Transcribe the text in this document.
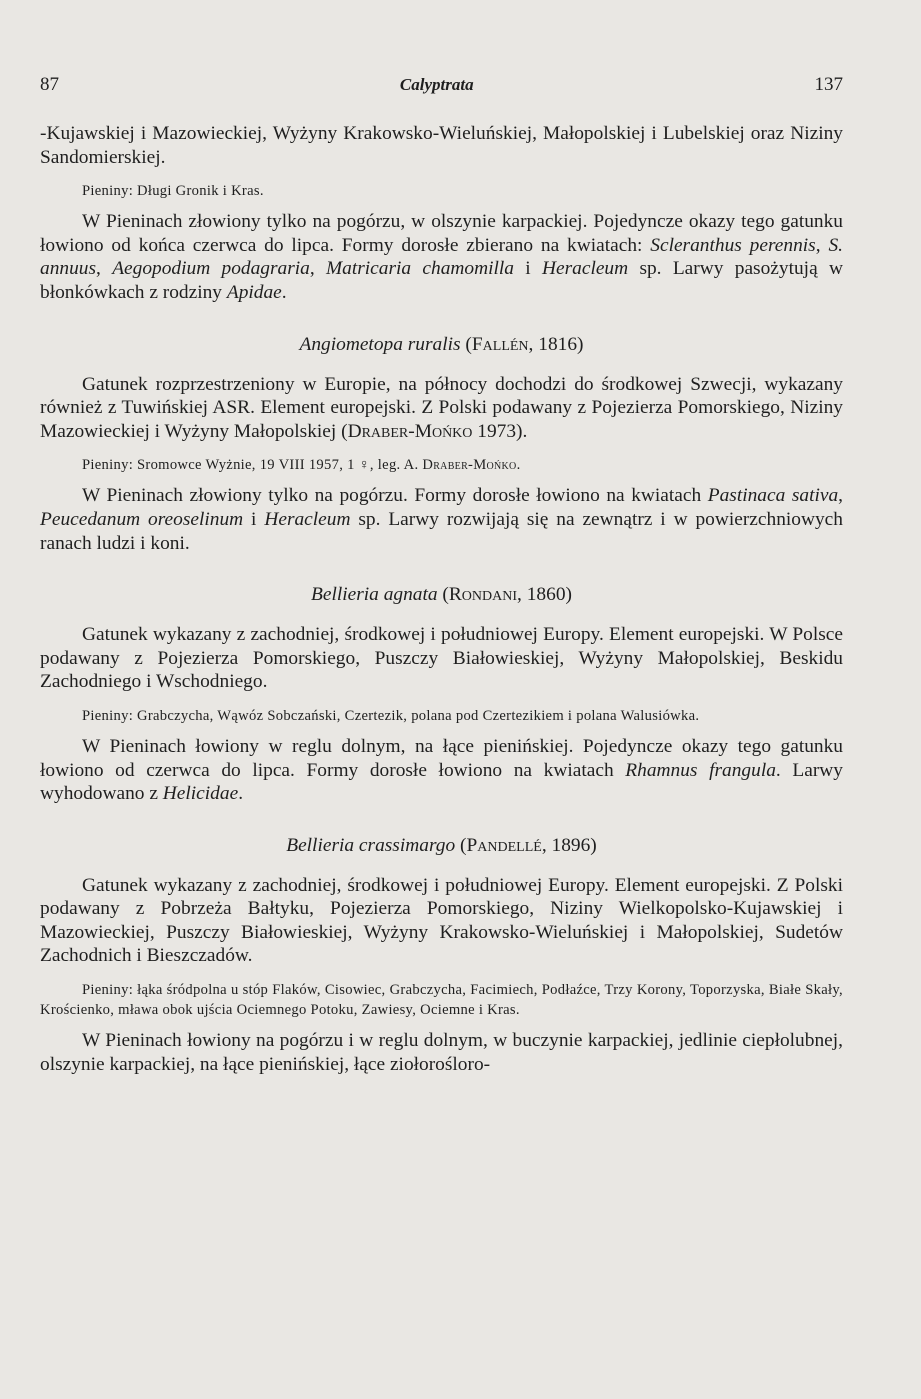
87	Calyptrata	137

-Kujawskiej i Mazowieckiej, Wyżyny Krakowsko-Wieluńskiej, Małopolskiej i Lubelskiej oraz Niziny Sandomierskiej.

Pieniny: Długi Gronik i Kras.

W Pieninach złowiony tylko na pogórzu, w olszynie karpackiej. Pojedyncze okazy tego gatunku łowiono od końca czerwca do lipca. Formy dorosłe zbierano na kwiatach: Scleranthus perennis, S. annuus, Aegopodium podagraria, Matricaria chamomilla i Heracleum sp. Larwy pasożytują w błonkówkach z rodziny Apidae.

Angiometopa ruralis (Fallén, 1816)

Gatunek rozprzestrzeniony w Europie, na północy dochodzi do środkowej Szwecji, wykazany również z Tuwińskiej ASR. Element europejski. Z Polski podawany z Pojezierza Pomorskiego, Niziny Mazowieckiej i Wyżyny Małopolskiej (Draber-Mońko 1973).

Pieniny: Sromowce Wyżnie, 19 VIII 1957, 1 ♀, leg. A. Draber-Mońko.

W Pieninach złowiony tylko na pogórzu. Formy dorosłe łowiono na kwiatach Pastinaca sativa, Peucedanum oreoselinum i Heracleum sp. Larwy rozwijają się na zewnątrz i w powierzchniowych ranach ludzi i koni.

Bellieria agnata (Rondani, 1860)

Gatunek wykazany z zachodniej, środkowej i południowej Europy. Element europejski. W Polsce podawany z Pojezierza Pomorskiego, Puszczy Białowieskiej, Wyżyny Małopolskiej, Beskidu Zachodniego i Wschodniego.

Pieniny: Grabczycha, Wąwóz Sobczański, Czertezik, polana pod Czertezikiem i polana Walusiówka.

W Pieninach łowiony w reglu dolnym, na łące pienińskiej. Pojedyncze okazy tego gatunku łowiono od czerwca do lipca. Formy dorosłe łowiono na kwiatach Rhamnus frangula. Larwy wyhodowano z Helicidae.

Bellieria crassimargo (Pandellé, 1896)

Gatunek wykazany z zachodniej, środkowej i południowej Europy. Element europejski. Z Polski podawany z Pobrzeża Bałtyku, Pojezierza Pomorskiego, Niziny Wielkopolsko-Kujawskiej i Mazowieckiej, Puszczy Białowieskiej, Wyżyny Krakowsko-Wieluńskiej i Małopolskiej, Sudetów Zachodnich i Bieszczadów.

Pieniny: łąka śródpolna u stóp Flaków, Cisowiec, Grabczycha, Facimiech, Podłaźce, Trzy Korony, Toporzyska, Białe Skały, Krościenko, mława obok ujścia Ociemnego Potoku, Zawiesy, Ociemne i Kras.

W Pieninach łowiony na pogórzu i w reglu dolnym, w buczynie karpackiej, jedlinie ciepłolubnej, olszynie karpackiej, na łące pienińskiej, łące ziołorośloro-
